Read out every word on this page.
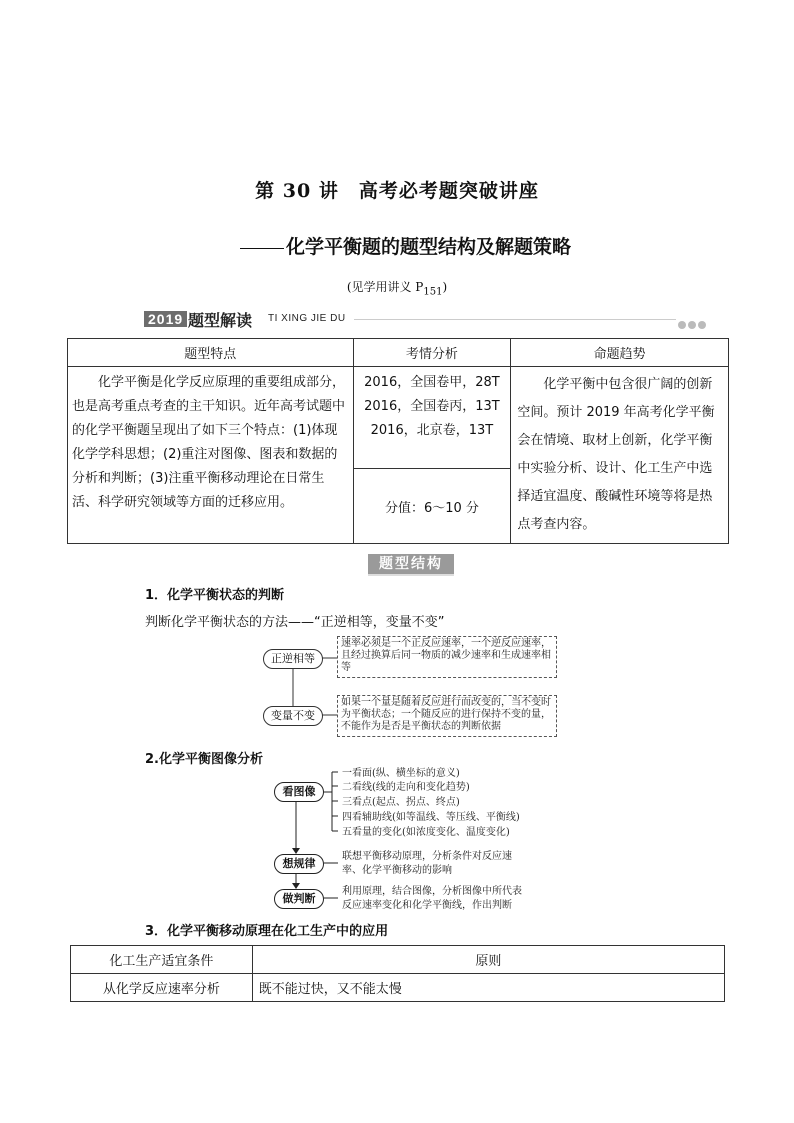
第 30 讲　高考必考题突破讲座
化学平衡题的题型结构及解题策略
(见学用讲义 $P_{151}$)
2019 题型解读 TI XING JIE DU
题型特点	考情分析	命题趋势
化学平衡是化学反应原理的重要组成部分，也是高考重点考查的主干知识。近年高考试题中的化学平衡题呈现出了如下三个特点：(1)体现化学学科思想；(2)重注对图像、图表和数据的分析和判断；(3)注重平衡移动理论在日常生活、科学研究领域等方面的迁移应用。	2016，全国卷甲，28T
2016，全国卷丙，13T
2016，北京卷，13T	化学平衡中包含很广阔的创新空间。预计 2019 年高考化学平衡会在情境、取材上创新，化学平衡中实验分析、设计、化工生产中选择适宜温度、酸碱性环境等将是热点考查内容。
	分值：6～10 分	
题型结构
1．化学平衡状态的判断
判断化学平衡状态的方法——“正逆相等，变量不变”
正逆相等
变量不变
速率必须是一个正反应速率，一个逆反应速率，且经过换算后同一物质的减少速率和生成速率相等
如果一个量是随着反应进行而改变的，当不变时为平衡状态；一个随反应的进行保持不变的量，不能作为是否是平衡状态的判断依据
2.化学平衡图像分析
看图像
想规律
做判断
一看面(纵、横坐标的意义)
二看线(线的走向和变化趋势)
三看点(起点、拐点、终点)
四看辅助线(如等温线、等压线、平衡线)
五看量的变化(如浓度变化、温度变化)
联想平衡移动原理，分析条件对反应速
率、化学平衡移动的影响
利用原理，结合图像，分析图像中所代表
反应速率变化和化学平衡线，作出判断
3．化学平衡移动原理在化工生产中的应用
化工生产适宜条件	原则
从化学反应速率分析	既不能过快，又不能太慢
